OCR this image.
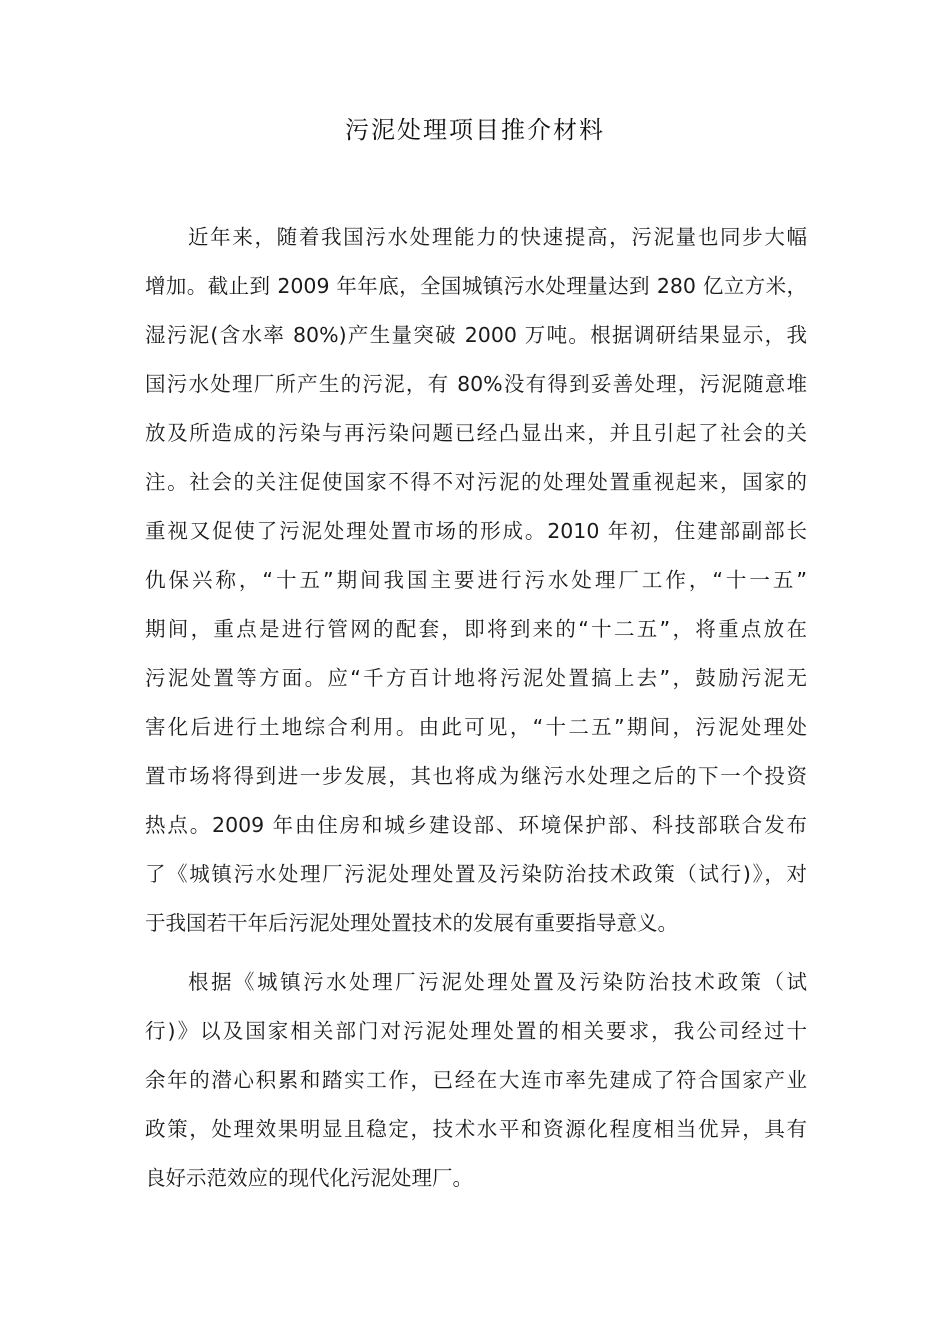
污泥处理项目推介材料
近年来，随着我国污水处理能力的快速提高，污泥量也同步大幅
增加。截止到 2009 年年底，全国城镇污水处理量达到 280 亿立方米，
湿污泥(含水率 80%)产生量突破 2000 万吨。根据调研结果显示，我
国污水处理厂所产生的污泥，有 80%没有得到妥善处理，污泥随意堆
放及所造成的污染与再污染问题已经凸显出来，并且引起了社会的关
注。社会的关注促使国家不得不对污泥的处理处置重视起来，国家的
重视又促使了污泥处理处置市场的形成。2010 年初，住建部副部长
仇保兴称，“十五”期间我国主要进行污水处理厂工作，“十一五”
期间，重点是进行管网的配套，即将到来的“十二五”，将重点放在
污泥处置等方面。应“千方百计地将污泥处置搞上去”，鼓励污泥无
害化后进行土地综合利用。由此可见，“十二五”期间，污泥处理处
置市场将得到进一步发展，其也将成为继污水处理之后的下一个投资
热点。2009 年由住房和城乡建设部、环境保护部、科技部联合发布
了《城镇污水处理厂污泥处理处置及污染防治技术政策（试行)》，对
于我国若干年后污泥处理处置技术的发展有重要指导意义。
根据《城镇污水处理厂污泥处理处置及污染防治技术政策（试
行)》以及国家相关部门对污泥处理处置的相关要求，我公司经过十
余年的潜心积累和踏实工作，已经在大连市率先建成了符合国家产业
政策，处理效果明显且稳定，技术水平和资源化程度相当优异，具有
良好示范效应的现代化污泥处理厂。
